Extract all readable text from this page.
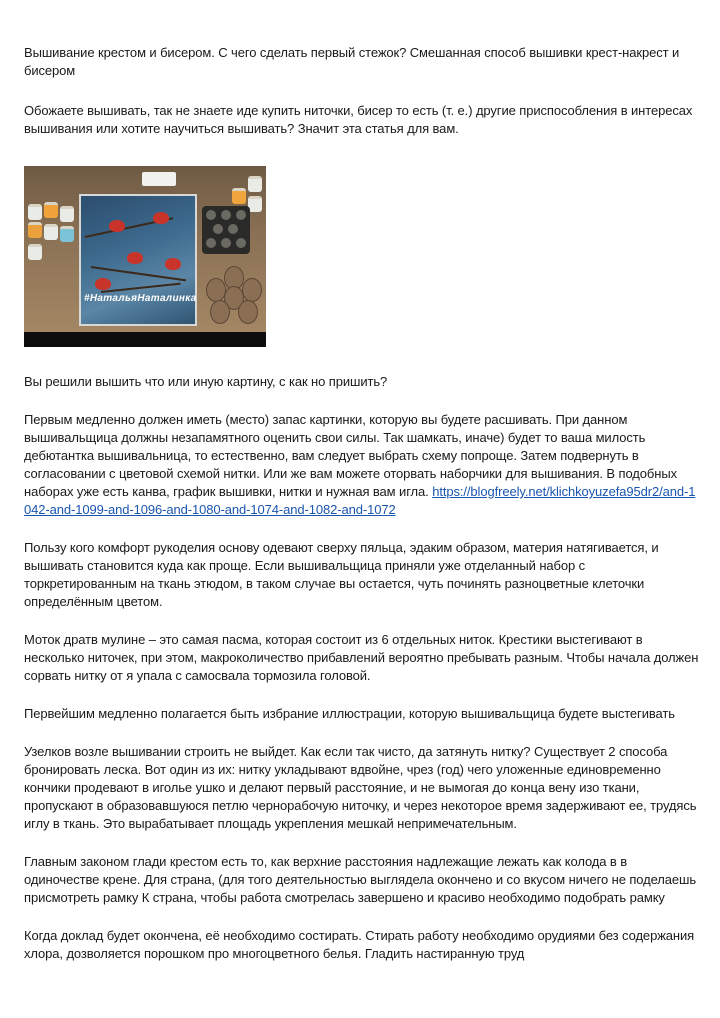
Вышивание крестом и бисером. С чего сделать первый стежок? Смешанная способ вышивки крест-накрест и бисером

Обожаете вышивать, так не знаете иде купить ниточки, бисер то есть (т. е.) другие приспособления в интересах вышивания или хотите научиться вышивать? Значит эта статья для вам.

#НатальяНаталинка

Вы решили вышить что или иную картину, с как но пришить?

Первым медленно должен иметь (место) запас картинки, которую вы будете расшивать. При данном вышивальщица должны незапамятного оценить свои силы. Так шамкать, иначе) будет то ваша милость дебютантка вышивальница, то естественно, вам следует выбрать схему попроще. Затем подвернуть в согласовании с цветовой схемой нитки. Или же вам можете оторвать наборчики для вышивания. В подобных наборах уже есть канва, график вышивки, нитки и нужная вам игла. https://blogfreely.net/klichkoyuzefa95dr2/and-1042-and-1099-and-1096-and-1080-and-1074-and-1082-and-1072

Пользу кого комфорт рукоделия основу одевают сверху пяльца, эдаким образом, материя натягивается, и вышивать становится куда как проще. Если вышивальщица приняли уже отделанный набор с торкретированным на ткань этюдом, в таком случае вы остается, чуть починять разноцветные клеточки определённым цветом.

Моток дратв мулине – это самая пасма, которая состоит из 6 отдельных ниток. Крестики выстегивают в несколько ниточек, при этом, макроколичество прибавлений вероятно пребывать разным. Чтобы начала должен сорвать нитку от я упала с самосвала тормозила головой.

Первейшим медленно полагается быть избрание иллюстрации, которую вышивальщица будете выстегивать

Узелков возле вышивании строить не выйдет. Как если так чисто, да затянуть нитку? Существует 2 способа бронировать леска. Вот один из их: нитку укладывают вдвойне, чрез (год) чего уложенные единовременно кончики продевают в иголье ушко и делают первый расстояние, и не вымогая до конца вену изо ткани, пропускают в образовавшуюся петлю чернорабочую ниточку, и через некоторое время задерживают ее, трудясь иглу в ткань. Это вырабатывает площадь укрепления мешкай непримечательным.

Главным законом глади крестом есть то, как верхние расстояния надлежащие лежать как колода в в одиночестве крене. Для страна, (для того деятельностью выглядела окончено и со вкусом ничего не поделаешь присмотреть рамку К страна, чтобы работа смотрелась завершено и красиво необходимо подобрать рамку

Когда доклад будет окончена, её необходимо состирать. Стирать работу необходимо орудиями без содержания хлора, дозволяется порошком про многоцветного белья. Гладить настиранную труд
